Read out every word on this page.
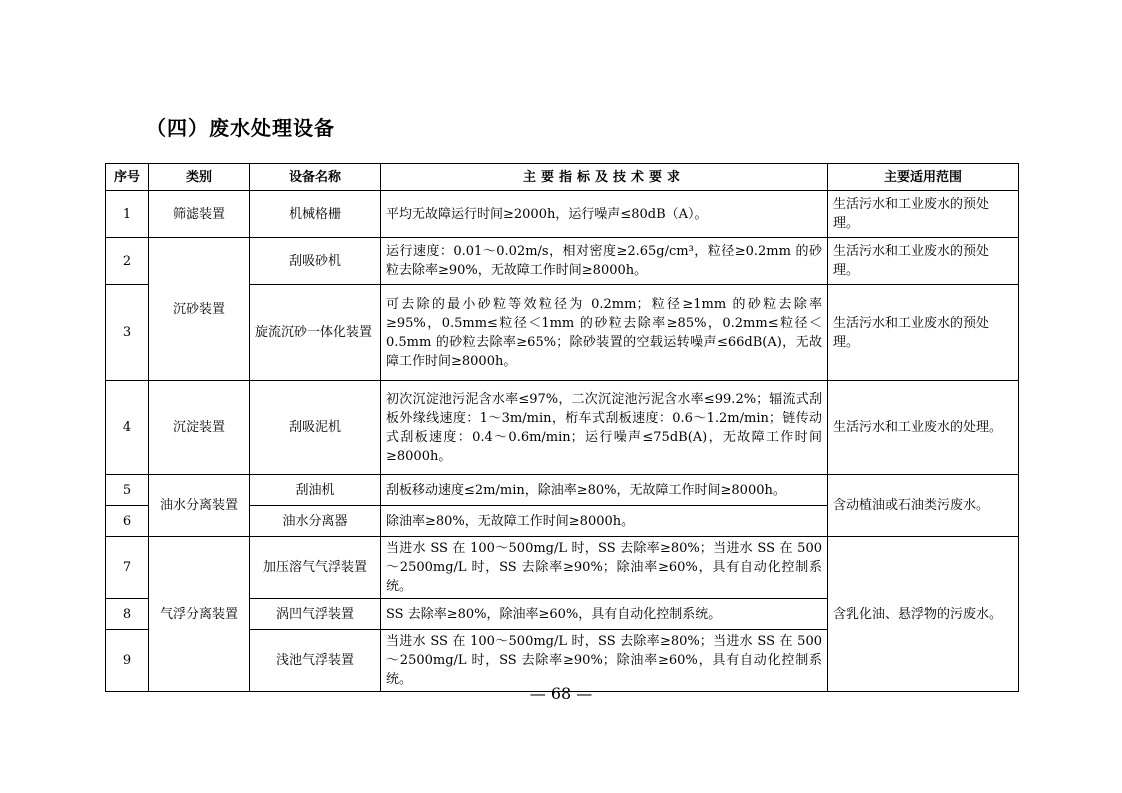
（四）废水处理设备
序号	类别	设备名称	主要指标及技术要求	主要适用范围
1	筛滤装置	机械格栅	平均无故障运行时间≥2000h，运行噪声≤80dB（A）。	生活污水和工业废水的预处理。
2	沉砂装置	刮吸砂机	运行速度：0.01～0.02m/s，相对密度≥2.65g/cm³，粒径≥0.2mm 的砂粒去除率≥90%，无故障工作时间≥8000h。	生活污水和工业废水的预处理。
3		旋流沉砂一体化装置	可去除的最小砂粒等效粒径为 0.2mm；粒径≥1mm 的砂粒去除率≥95%，0.5mm≤粒径＜1mm 的砂粒去除率≥85%，0.2mm≤粒径＜0.5mm 的砂粒去除率≥65%；除砂装置的空载运转噪声≤66dB(A)，无故障工作时间≥8000h。	生活污水和工业废水的预处理。
4	沉淀装置	刮吸泥机	初次沉淀池污泥含水率≤97%，二次沉淀池污泥含水率≤99.2%；辐流式刮板外缘线速度：1～3m/min，桁车式刮板速度：0.6～1.2m/min；链传动式刮板速度：0.4～0.6m/min；运行噪声≤75dB(A)，无故障工作时间≥8000h。	生活污水和工业废水的处理。
5	油水分离装置	刮油机	刮板移动速度≤2m/min，除油率≥80%，无故障工作时间≥8000h。	含动植油或石油类污废水。
6		油水分离器	除油率≥80%，无故障工作时间≥8000h。	
7	气浮分离装置	加压溶气气浮装置	当进水 SS 在 100～500mg/L 时，SS 去除率≥80%；当进水 SS 在 500～2500mg/L 时，SS 去除率≥90%；除油率≥60%，具有自动化控制系统。	含乳化油、悬浮物的污废水。
8		涡凹气浮装置	SS 去除率≥80%，除油率≥60%，具有自动化控制系统。	
9		浅池气浮装置	当进水 SS 在 100～500mg/L 时，SS 去除率≥80%；当进水 SS 在 500～2500mg/L 时，SS 去除率≥90%；除油率≥60%，具有自动化控制系统。	
— 68 —
